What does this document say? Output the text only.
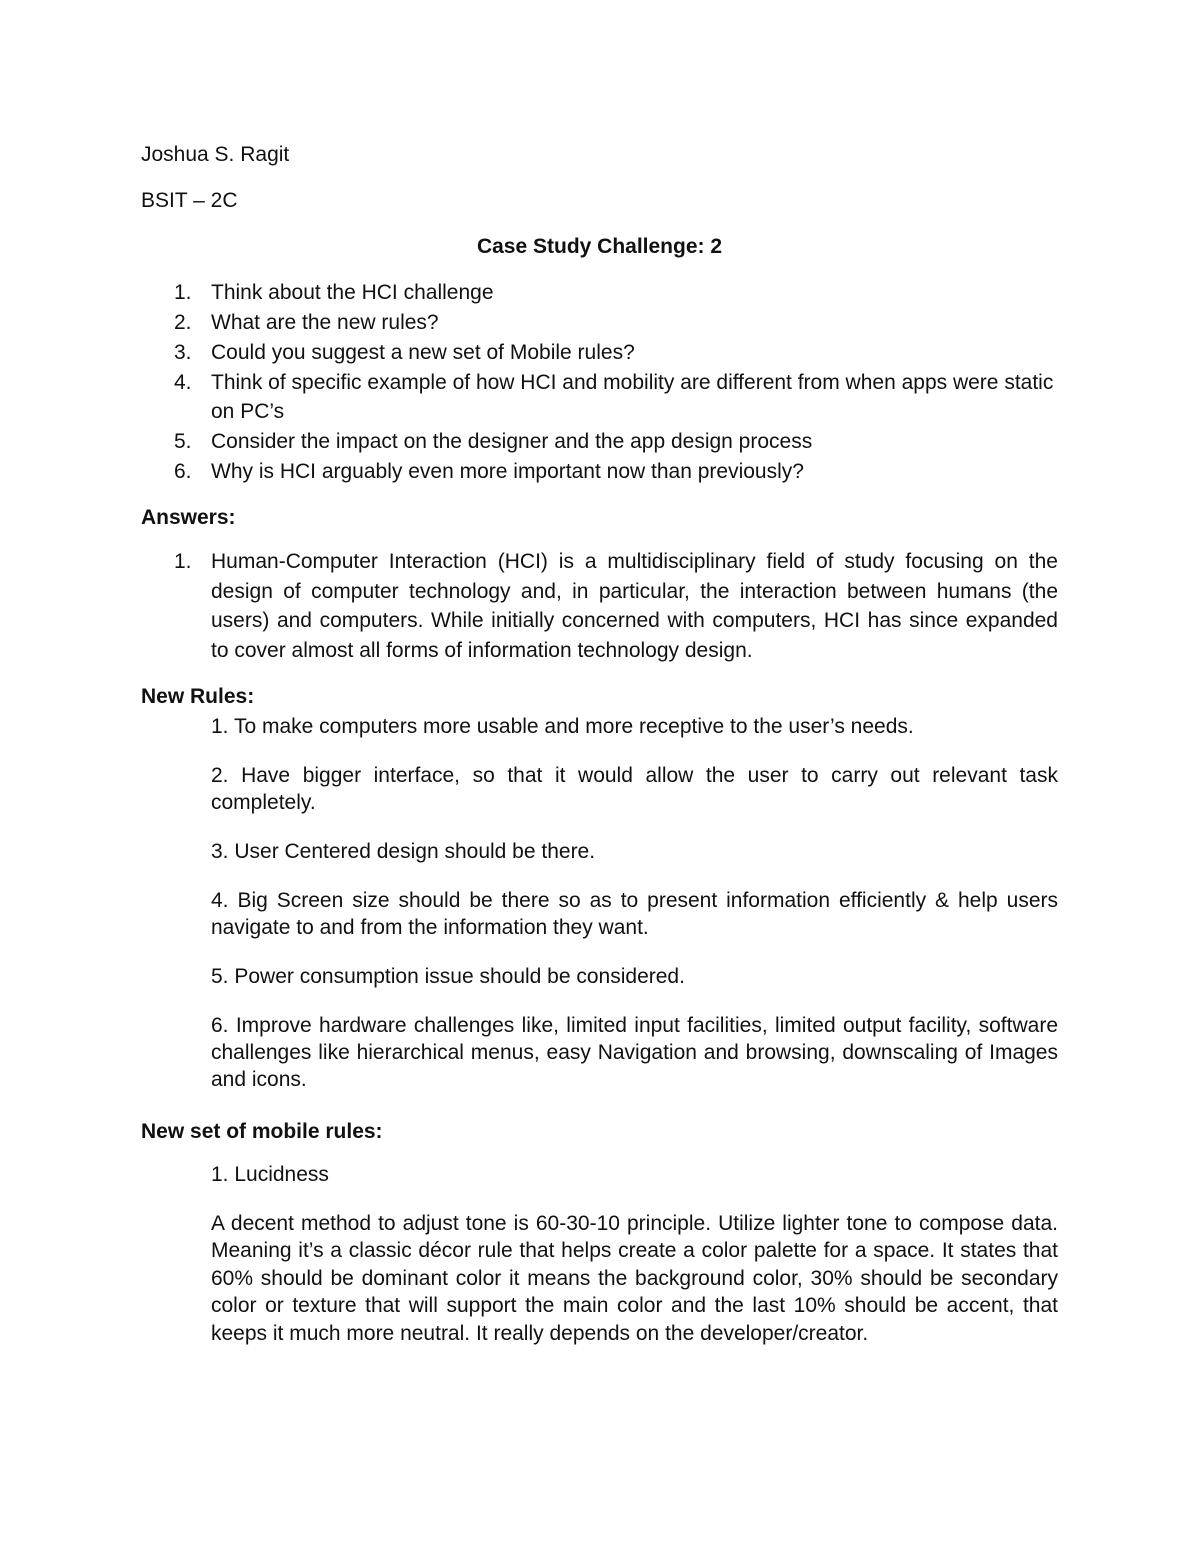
Joshua S. Ragit

BSIT – 2C

Case Study Challenge: 2

1. Think about the HCI challenge
2. What are the new rules?
3. Could you suggest a new set of Mobile rules?
4. Think of specific example of how HCI and mobility are different from when apps were static on PC’s
5. Consider the impact on the designer and the app design process
6. Why is HCI arguably even more important now than previously?

Answers:

1. Human-Computer Interaction (HCI) is a multidisciplinary field of study focusing on the design of computer technology and, in particular, the interaction between humans (the users) and computers. While initially concerned with computers, HCI has since expanded to cover almost all forms of information technology design.

New Rules:

1. To make computers more usable and more receptive to the user’s needs.

2. Have bigger interface, so that it would allow the user to carry out relevant task completely.

3. User Centered design should be there.

4. Big Screen size should be there so as to present information efficiently & help users navigate to and from the information they want.

5. Power consumption issue should be considered.

6. Improve hardware challenges like, limited input facilities, limited output facility, software challenges like hierarchical menus, easy Navigation and browsing, downscaling of Images and icons.

New set of mobile rules:

1. Lucidness

A decent method to adjust tone is 60-30-10 principle. Utilize lighter tone to compose data. Meaning it’s a classic décor rule that helps create a color palette for a space. It states that 60% should be dominant color it means the background color, 30% should be secondary color or texture that will support the main color and the last 10% should be accent, that keeps it much more neutral. It really depends on the developer/creator.
